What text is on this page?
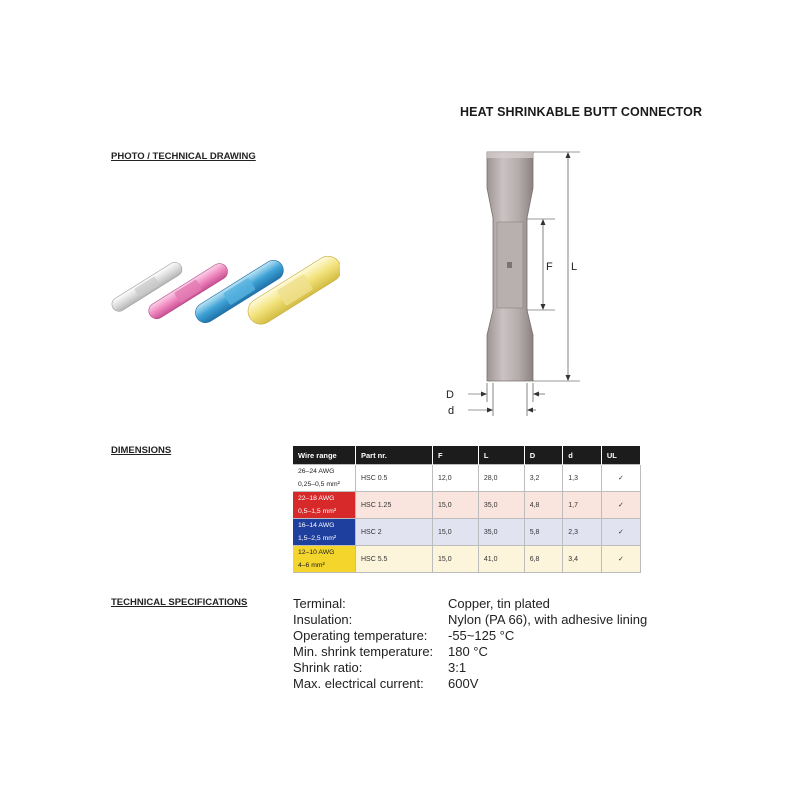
HEAT SHRINKABLE BUTT CONNECTOR
PHOTO / TECHNICAL DRAWING
F L
D
d
DIMENSIONS	Wire range	Part nr.	F	L	D	d	UL

26–24 AWG
0,25–0,5 mm²	HSC 0.5	12,0	28,0	3,2	1,3	✓

22–18 AWG
0,5–1,5 mm²	HSC 1.25	15,0	35,0	4,8	1,7	✓

16–14 AWG
1,5–2,5 mm²	HSC 2	15,0	35,0	5,8	2,3	✓

12–10 AWG
4–6 mm²	HSC 5.5	15,0	41,0	6,8	3,4	✓
TECHNICAL SPECIFICATIONS	Terminal:	Copper, tin plated
Insulation:	Nylon (PA 66), with adhesive lining
Operating temperature: -55~125 °C
Min. shrink temperature: 180 °C
Shrink ratio:	3:1
Max. electrical current: 600V
